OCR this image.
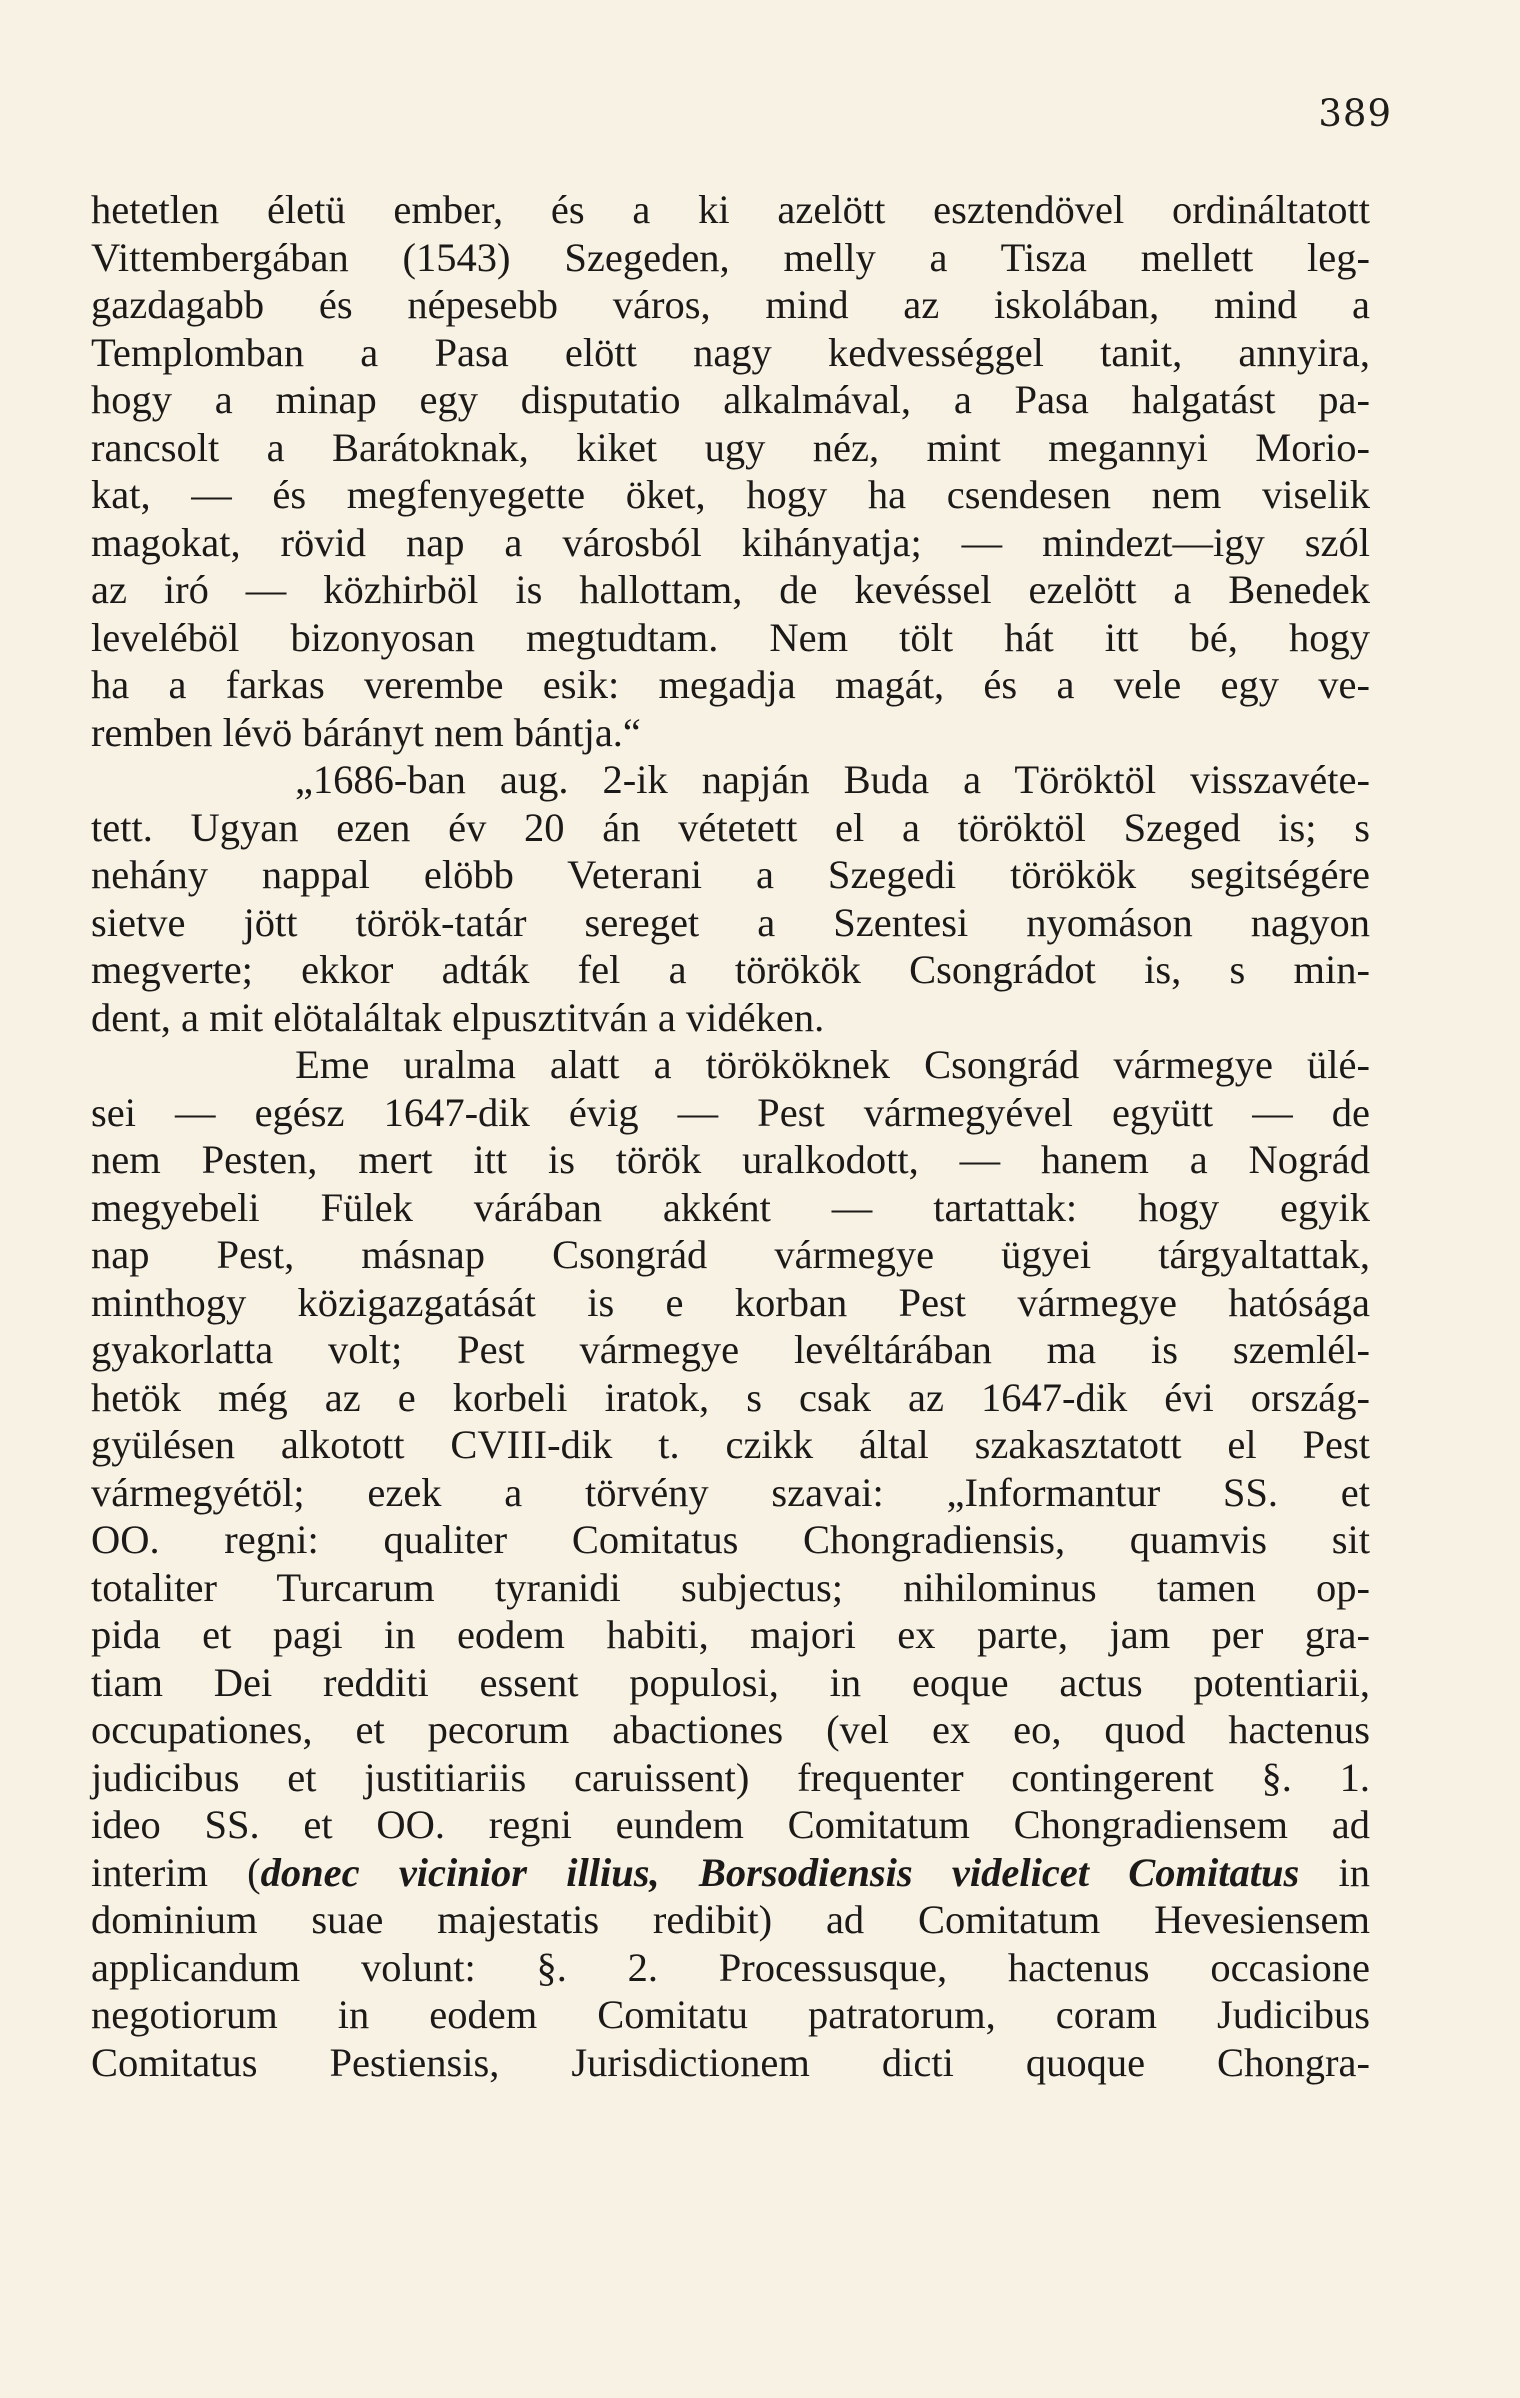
389
hetetlen életü ember, és a ki azelött esztendövel ordináltatott
Vittembergában (1543) Szegeden, melly a Tisza mellett leg-
gazdagabb és népesebb város, mind az iskolában, mind a
Templomban a Pasa elött nagy kedvességgel tanit, annyira,
hogy a minap egy disputatio alkalmával, a Pasa halgatást pa-
rancsolt a Barátoknak, kiket ugy néz, mint megannyi Morio-
kat, — és megfenyegette öket, hogy ha csendesen nem viselik
magokat, rövid nap a városból kihányatja; — mindezt—igy szól
az iró — közhirböl is hallottam, de kevéssel ezelött a Benedek
leveléböl bizonyosan megtudtam. Nem tölt hát itt bé, hogy
ha a farkas verembe esik: megadja magát, és a vele egy ve-
remben lévö bárányt nem bántja.“
„1686-ban aug. 2-ik napján Buda a Töröktöl visszavéte-
tett. Ugyan ezen év 20 án vétetett el a töröktöl Szeged is; s
nehány nappal elöbb Veterani a Szegedi törökök segitségére
sietve jött török-tatár sereget a Szentesi nyomáson nagyon
megverte; ekkor adták fel a törökök Csongrádot is, s min-
dent, a mit elötaláltak elpusztitván a vidéken.
Eme uralma alatt a törököknek Csongrád vármegye ülé-
sei — egész 1647-dik évig — Pest vármegyével együtt — de
nem Pesten, mert itt is török uralkodott, — hanem a Nográd
megyebeli Fülek várában akként — tartattak: hogy egyik
nap Pest, másnap Csongrád vármegye ügyei tárgyaltattak,
minthogy közigazgatását is e korban Pest vármegye hatósága
gyakorlatta volt; Pest vármegye levéltárában ma is szemlél-
hetök még az e korbeli iratok, s csak az 1647-dik évi ország-
gyülésen alkotott CVIII-dik t. czikk által szakasztatott el Pest
vármegyétöl; ezek a törvény szavai: „Informantur SS. et
OO. regni: qualiter Comitatus Chongradiensis, quamvis sit
totaliter Turcarum tyranidi subjectus; nihilominus tamen op-
pida et pagi in eodem habiti, majori ex parte, jam per gra-
tiam Dei redditi essent populosi, in eoque actus potentiarii,
occupationes, et pecorum abactiones (vel ex eo, quod hactenus
judicibus et justitiariis caruissent) frequenter contingerent §. 1.
ideo SS. et OO. regni eundem Comitatum Chongradiensem ad
interim (donec vicinior illius, Borsodiensis videlicet Comitatus in
dominium suae majestatis redibit) ad Comitatum Hevesiensem
applicandum volunt: §. 2. Processusque, hactenus occasione
negotiorum in eodem Comitatu patratorum, coram Judicibus
Comitatus Pestiensis, Jurisdictionem dicti quoque Chongra-
